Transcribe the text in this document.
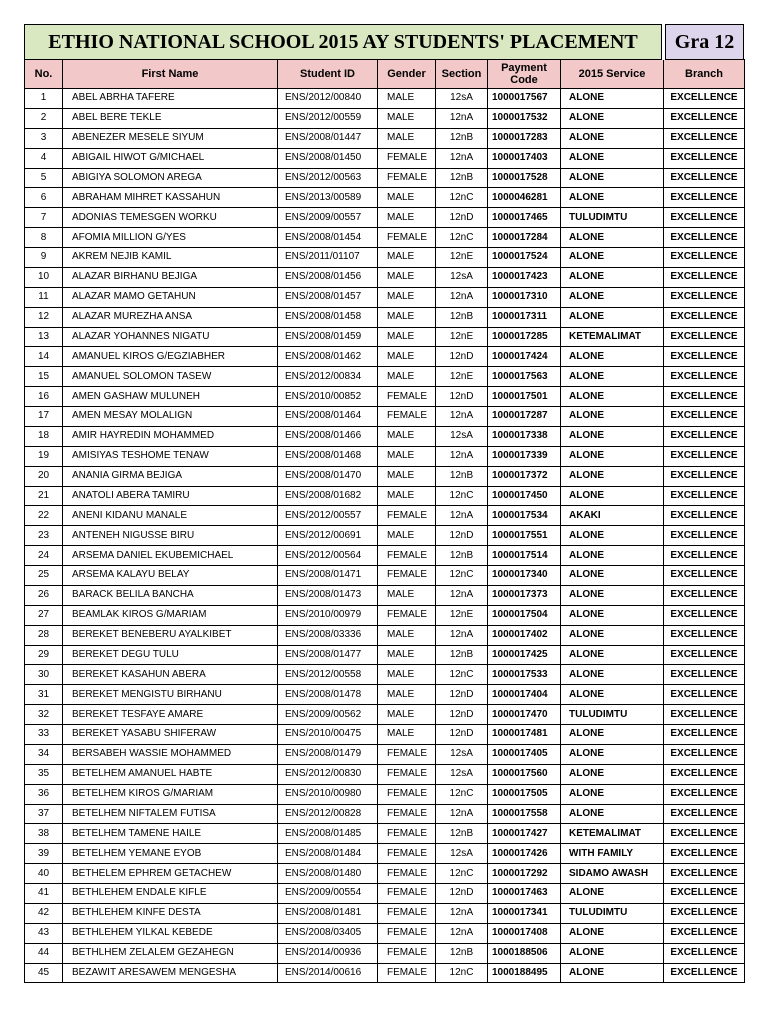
ETHIO NATIONAL SCHOOL 2015 AY STUDENTS' PLACEMENT	Gra 12
No.	First Name	Student ID	Gender	Section	Payment Code	2015 Service	Branch
1	ABEL ABRHA TAFERE	ENS/2012/00840	MALE	12sA	1000017567	ALONE	EXCELLENCE
2	ABEL BERE TEKLE	ENS/2012/00559	MALE	12nA	1000017532	ALONE	EXCELLENCE
3	ABENEZER MESELE SIYUM	ENS/2008/01447	MALE	12nB	1000017283	ALONE	EXCELLENCE
4	ABIGAIL HIWOT G/MICHAEL	ENS/2008/01450	FEMALE	12nA	1000017403	ALONE	EXCELLENCE
5	ABIGIYA SOLOMON AREGA	ENS/2012/00563	FEMALE	12nB	1000017528	ALONE	EXCELLENCE
6	ABRAHAM MIHRET KASSAHUN	ENS/2013/00589	MALE	12nC	1000046281	ALONE	EXCELLENCE
7	ADONIAS TEMESGEN WORKU	ENS/2009/00557	MALE	12nD	1000017465	TULUDIMTU	EXCELLENCE
8	AFOMIA MILLION G/YES	ENS/2008/01454	FEMALE	12nC	1000017284	ALONE	EXCELLENCE
9	AKREM NEJIB KAMIL	ENS/2011/01107	MALE	12nE	1000017524	ALONE	EXCELLENCE
10	ALAZAR BIRHANU BEJIGA	ENS/2008/01456	MALE	12sA	1000017423	ALONE	EXCELLENCE
11	ALAZAR MAMO GETAHUN	ENS/2008/01457	MALE	12nA	1000017310	ALONE	EXCELLENCE
12	ALAZAR MUREZHA ANSA	ENS/2008/01458	MALE	12nB	1000017311	ALONE	EXCELLENCE
13	ALAZAR YOHANNES NIGATU	ENS/2008/01459	MALE	12nE	1000017285	KETEMALIMAT	EXCELLENCE
14	AMANUEL KIROS G/EGZIABHER	ENS/2008/01462	MALE	12nD	1000017424	ALONE	EXCELLENCE
15	AMANUEL SOLOMON TASEW	ENS/2012/00834	MALE	12nE	1000017563	ALONE	EXCELLENCE
16	AMEN GASHAW MULUNEH	ENS/2010/00852	FEMALE	12nD	1000017501	ALONE	EXCELLENCE
17	AMEN MESAY MOLALIGN	ENS/2008/01464	FEMALE	12nA	1000017287	ALONE	EXCELLENCE
18	AMIR HAYREDIN MOHAMMED	ENS/2008/01466	MALE	12sA	1000017338	ALONE	EXCELLENCE
19	AMISIYAS TESHOME TENAW	ENS/2008/01468	MALE	12nA	1000017339	ALONE	EXCELLENCE
20	ANANIA GIRMA BEJIGA	ENS/2008/01470	MALE	12nB	1000017372	ALONE	EXCELLENCE
21	ANATOLI ABERA TAMIRU	ENS/2008/01682	MALE	12nC	1000017450	ALONE	EXCELLENCE
22	ANENI KIDANU MANALE	ENS/2012/00557	FEMALE	12nA	1000017534	AKAKI	EXCELLENCE
23	ANTENEH NIGUSSE BIRU	ENS/2012/00691	MALE	12nD	1000017551	ALONE	EXCELLENCE
24	ARSEMA DANIEL EKUBEMICHAEL	ENS/2012/00564	FEMALE	12nB	1000017514	ALONE	EXCELLENCE
25	ARSEMA KALAYU BELAY	ENS/2008/01471	FEMALE	12nC	1000017340	ALONE	EXCELLENCE
26	BARACK BELILA BANCHA	ENS/2008/01473	MALE	12nA	1000017373	ALONE	EXCELLENCE
27	BEAMLAK KIROS G/MARIAM	ENS/2010/00979	FEMALE	12nE	1000017504	ALONE	EXCELLENCE
28	BEREKET BENEBERU AYALKIBET	ENS/2008/03336	MALE	12nA	1000017402	ALONE	EXCELLENCE
29	BEREKET DEGU TULU	ENS/2008/01477	MALE	12nB	1000017425	ALONE	EXCELLENCE
30	BEREKET KASAHUN ABERA	ENS/2012/00558	MALE	12nC	1000017533	ALONE	EXCELLENCE
31	BEREKET MENGISTU BIRHANU	ENS/2008/01478	MALE	12nD	1000017404	ALONE	EXCELLENCE
32	BEREKET TESFAYE AMARE	ENS/2009/00562	MALE	12nD	1000017470	TULUDIMTU	EXCELLENCE
33	BEREKET YASABU SHIFERAW	ENS/2010/00475	MALE	12nD	1000017481	ALONE	EXCELLENCE
34	BERSABEH WASSIE MOHAMMED	ENS/2008/01479	FEMALE	12sA	1000017405	ALONE	EXCELLENCE
35	BETELHEM AMANUEL HABTE	ENS/2012/00830	FEMALE	12sA	1000017560	ALONE	EXCELLENCE
36	BETELHEM KIROS G/MARIAM	ENS/2010/00980	FEMALE	12nC	1000017505	ALONE	EXCELLENCE
37	BETELHEM NIFTALEM FUTISA	ENS/2012/00828	FEMALE	12nA	1000017558	ALONE	EXCELLENCE
38	BETELHEM TAMENE HAILE	ENS/2008/01485	FEMALE	12nB	1000017427	KETEMALIMAT	EXCELLENCE
39	BETELHEM YEMANE EYOB	ENS/2008/01484	FEMALE	12sA	1000017426	WITH FAMILY	EXCELLENCE
40	BETHELEM EPHREM GETACHEW	ENS/2008/01480	FEMALE	12nC	1000017292	SIDAMO AWASH	EXCELLENCE
41	BETHLEHEM ENDALE KIFLE	ENS/2009/00554	FEMALE	12nD	1000017463	ALONE	EXCELLENCE
42	BETHLEHEM KINFE DESTA	ENS/2008/01481	FEMALE	12nA	1000017341	TULUDIMTU	EXCELLENCE
43	BETHLEHEM YILKAL KEBEDE	ENS/2008/03405	FEMALE	12nA	1000017408	ALONE	EXCELLENCE
44	BETHLHEM ZELALEM GEZAHEGN	ENS/2014/00936	FEMALE	12nB	1000188506	ALONE	EXCELLENCE
45	BEZAWIT ARESAWEM MENGESHA	ENS/2014/00616	FEMALE	12nC	1000188495	ALONE	EXCELLENCE
